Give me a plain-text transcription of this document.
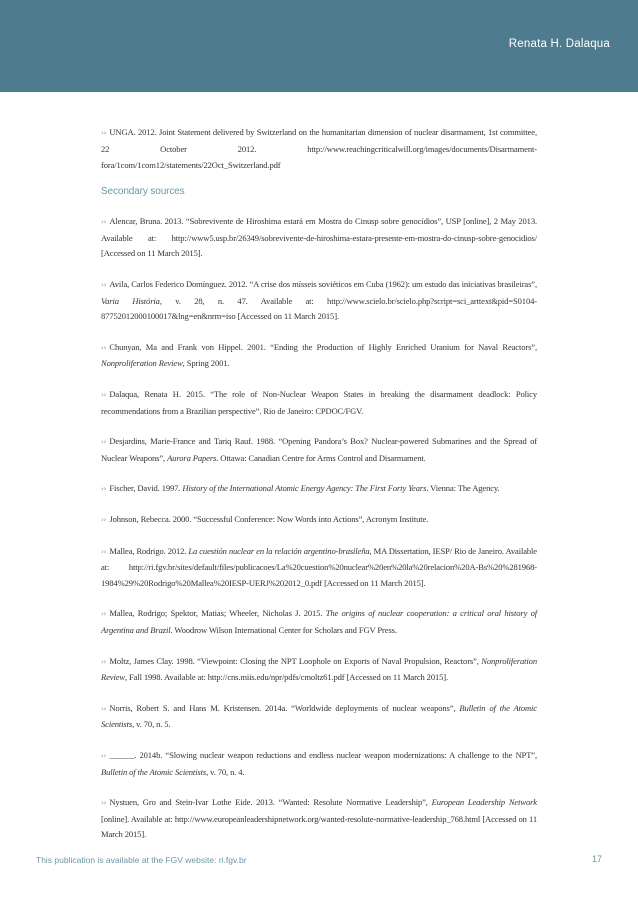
Renata H. Dalaqua

›› UNGA. 2012. Joint Statement delivered by Switzerland on the humanitarian dimension of nuclear disarmament, 1st committee, 22 October 2012. http://www.reachingcriticalwill.org/images/documents/Disarmament-fora/1com/1com12/statements/22Oct_Switzerland.pdf

Secondary sources

›› Alencar, Bruna. 2013. “Sobrevivente de Hiroshima estará em Mostra do Cinusp sobre genocídios”, USP [online], 2 May 2013. Available at: http://www5.usp.br/26349/sobrevivente-de-hiroshima-estara-presente-em-mostra-do-cinusp-sobre-genocidios/ [Accessed on 11 March 2015].

›› Avila, Carlos Federico Domínguez. 2012. “A crise dos mísseis soviéticos em Cuba (1962): um estudo das iniciativas brasileiras”, Varia História, v. 28, n. 47. Available at: http://www.scielo.br/scielo.php?script=sci_arttext&pid=S0104-87752012000100017&lng=en&nrm=iso [Accessed on 11 March 2015].

›› Chunyan, Ma and Frank von Hippel. 2001. “Ending the Production of Highly Enriched Uranium for Naval Reactors”, Nonproliferation Review, Spring 2001.

›› Dalaqua, Renata H. 2015. “The role of Non-Nuclear Weapon States in breaking the disarmament deadlock: Policy recommendations from a Brazilian perspective”. Rio de Janeiro: CPDOC/FGV.

›› Desjardins, Marie-France and Tariq Rauf. 1988. “Opening Pandora’s Box? Nuclear-powered Submarines and the Spread of Nuclear Weapons”, Aurora Papers. Ottawa: Canadian Centre for Arms Control and Disarmament.

›› Fischer, David. 1997. History of the International Atomic Energy Agency: The First Forty Years. Vienna: The Agency.

›› Johnson, Rebecca. 2000. “Successful Conference: Now Words into Actions”, Acronym Institute.

›› Mallea, Rodrigo. 2012. La cuestión nuclear en la relación argentino-brasileña, MA Dissertation, IESP/ Rio de Janeiro. Available at: http://ri.fgv.br/sites/default/files/publicacoes/La%20cuestion%20nuclear%20en%20la%20relacion%20A-Bs%20%281968-1984%29%20Rodrigo%20Mallea%20IESP-UERJ%202012_0.pdf [Accessed on 11 March 2015].

›› Mallea, Rodrigo; Spektor, Matias; Wheeler, Nicholas J. 2015. The origins of nuclear cooperation: a critical oral history of Argentina and Brazil. Woodrow Wilson International Center for Scholars and FGV Press.

›› Moltz, James Clay. 1998. “Viewpoint: Closing the NPT Loophole on Exports of Naval Propulsion, Reactors”, Nonproliferation Review, Fall 1998. Available at: http://cns.miis.edu/npr/pdfs/cmoltz61.pdf [Accessed on 11 March 2015].

›› Norris, Robert S. and Hans M. Kristensen. 2014a. “Worldwide deployments of nuclear weapons”, Bulletin of the Atomic Scientists, v. 70, n. 5.

›› ______. 2014b. “Slowing nuclear weapon reductions and endless nuclear weapon modernizations: A challenge to the NPT”, Bulletin of the Atomic Scientists, v. 70, n. 4.

›› Nystuen, Gro and Stein-Ivar Lothe Eide. 2013. “Wanted: Resolute Normative Leadership”, European Leadership Network [online]. Available at: http://www.europeanleadershipnetwork.org/wanted-resolute-normative-leadership_768.html [Accessed on 11 March 2015].

This publication is available at the FGV website: ri.fgv.br	17
